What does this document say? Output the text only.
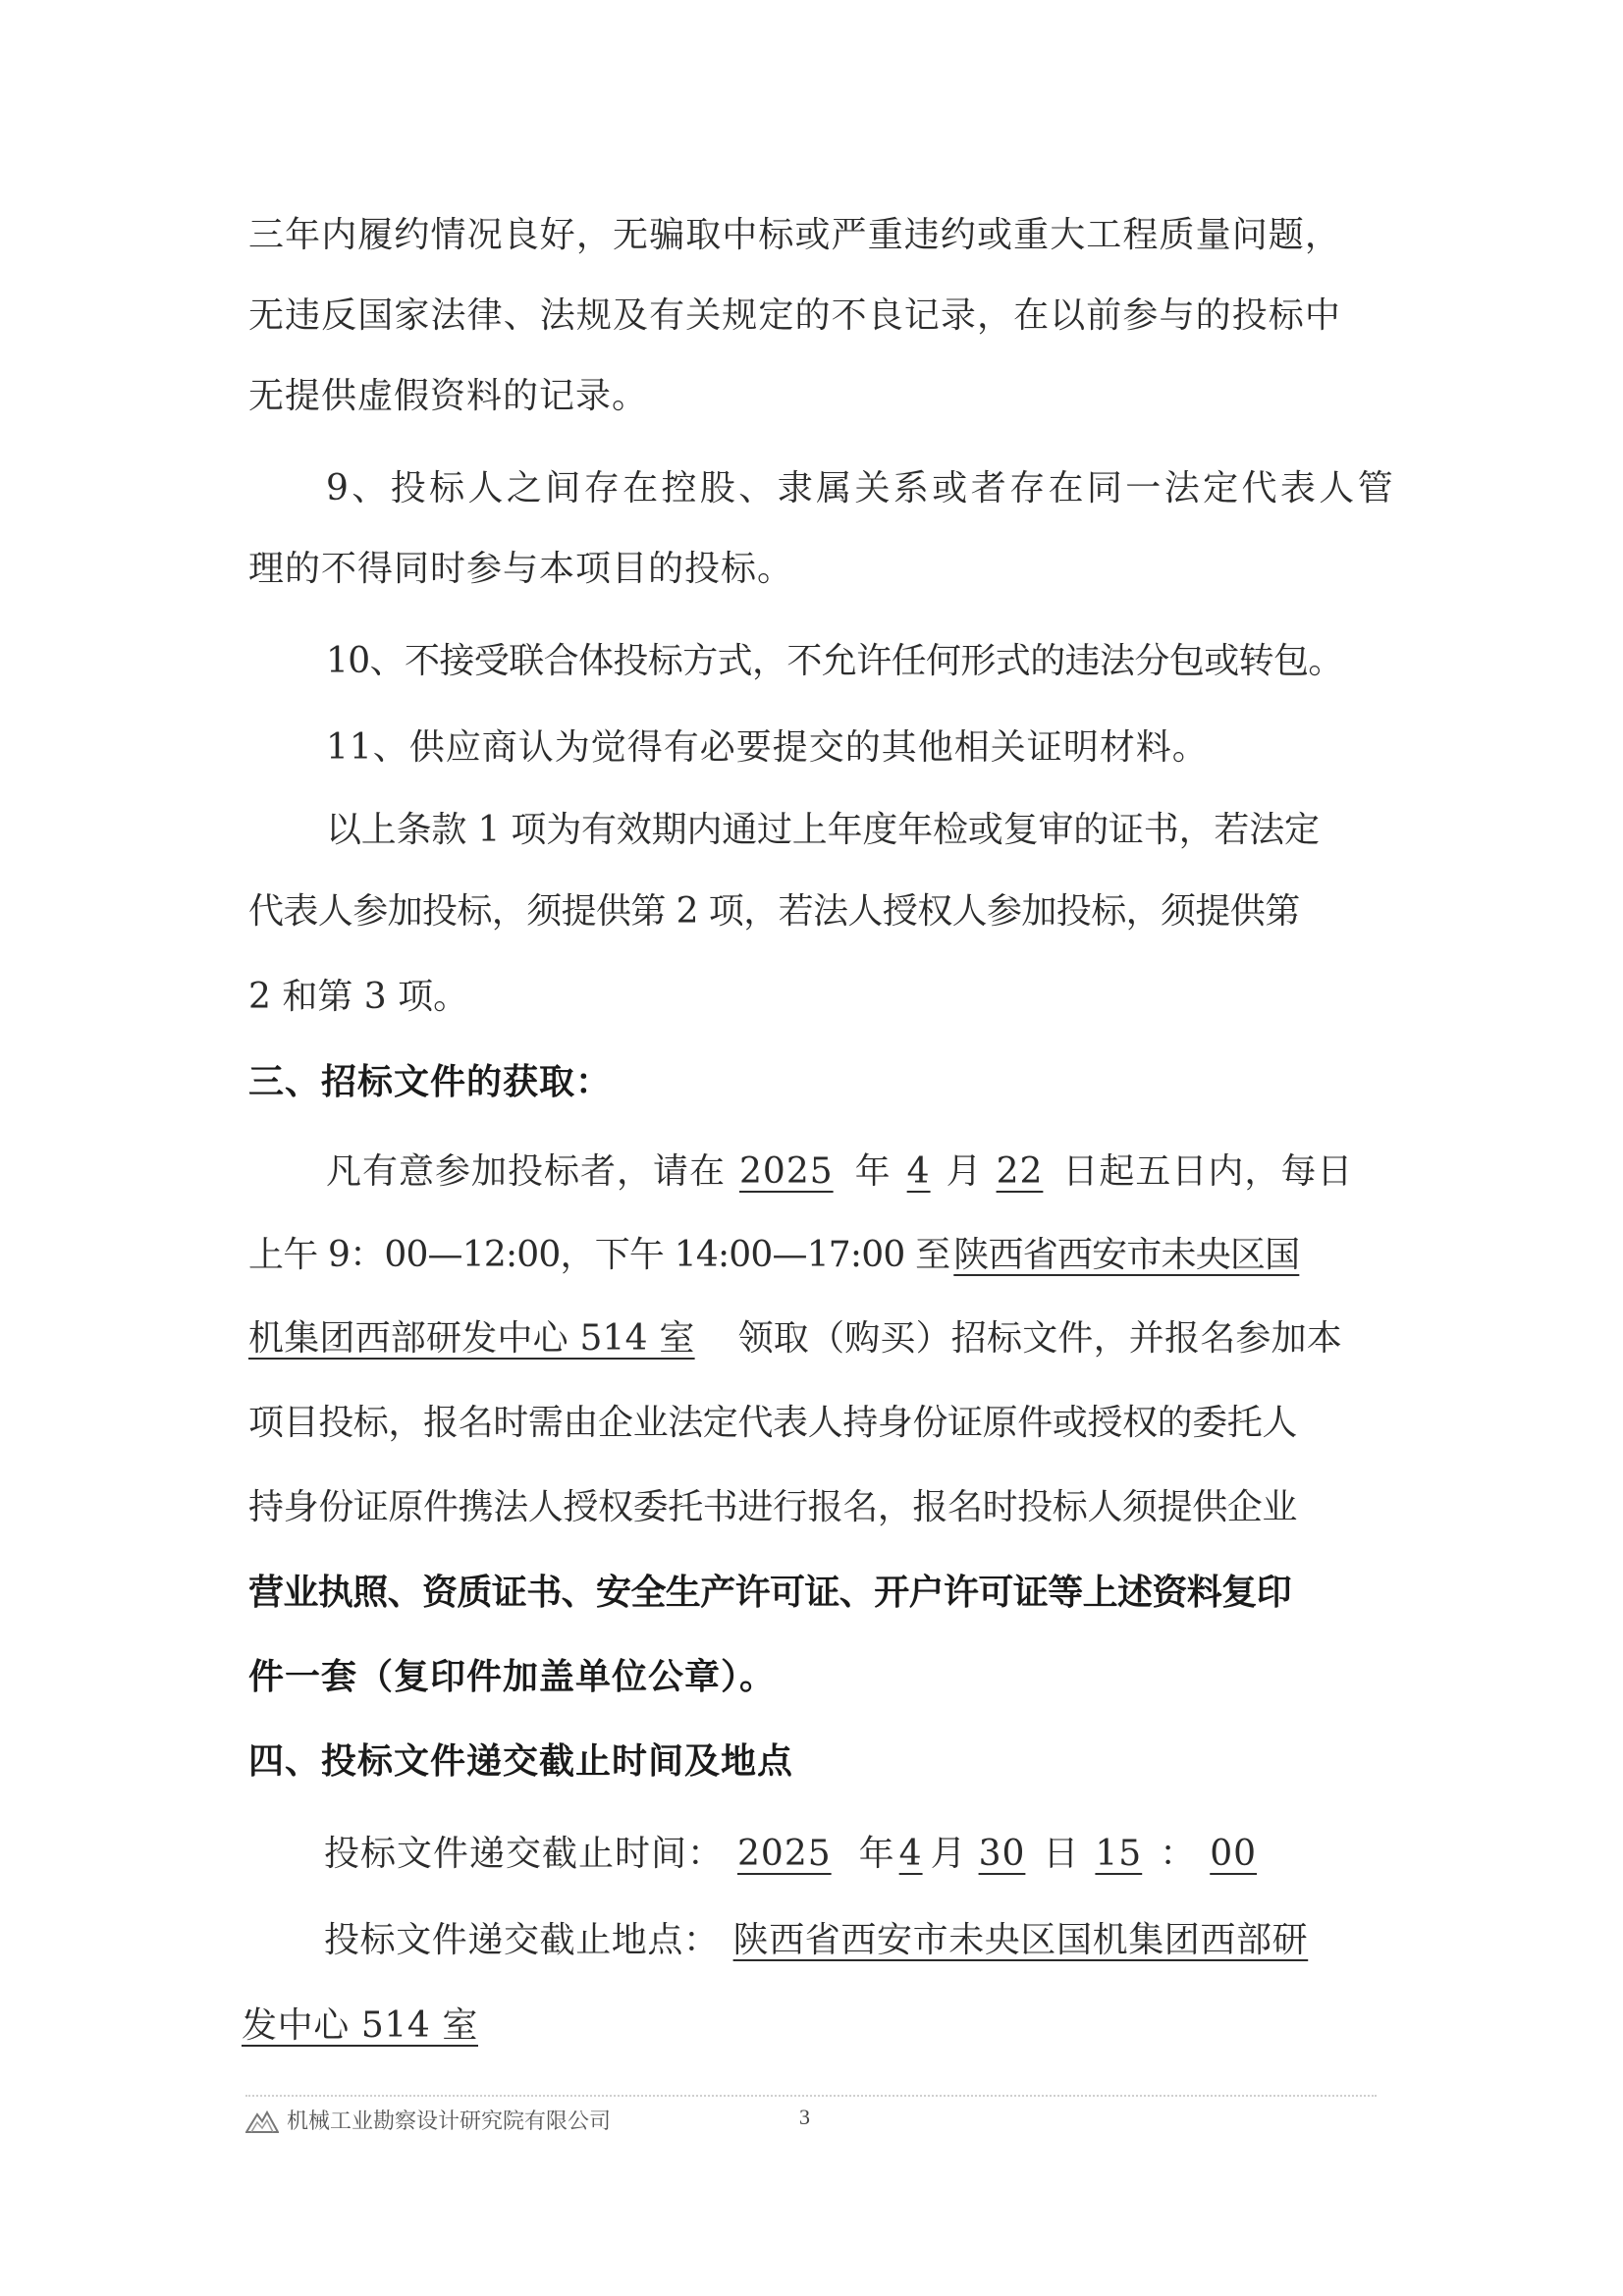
三年内履约情况良好，无骗取中标或严重违约或重大工程质量问题，
无违反国家法律、法规及有关规定的不良记录，在以前参与的投标中
无提供虚假资料的记录。
9、投标人之间存在控股、隶属关系或者存在同一法定代表人管
理的不得同时参与本项目的投标。
10、不接受联合体投标方式，不允许任何形式的违法分包或转包。
11、供应商认为觉得有必要提交的其他相关证明材料。
以上条款 1 项为有效期内通过上年度年检或复审的证书，若法定
代表人参加投标，须提供第 2 项，若法人授权人参加投标，须提供第
2 和第 3 项。
三、招标文件的获取：
凡有意参加投标者，请在 2025 年 4 月 22 日起五日内，每日
上午 9：00—12:00，下午 14:00—17:00 至 陕西省西安市未央区国
机集团西部研发中心 514 室 领取（购买）招标文件，并报名参加本
项目投标，报名时需由企业法定代表人持身份证原件或授权的委托人
持身份证原件携法人授权委托书进行报名，报名时投标人须提供企业
营业执照、资质证书、安全生产许可证、开户许可证等上述资料复印
件一套（复印件加盖单位公章）。
四、投标文件递交截止时间及地点
投标文件递交截止时间： 2025 年 4 月 30 日 15 ： 00
投标文件递交截止地点： 陕西省西安市未央区国机集团西部研
发中心 514 室
机械工业勘察设计研究院有限公司	3
